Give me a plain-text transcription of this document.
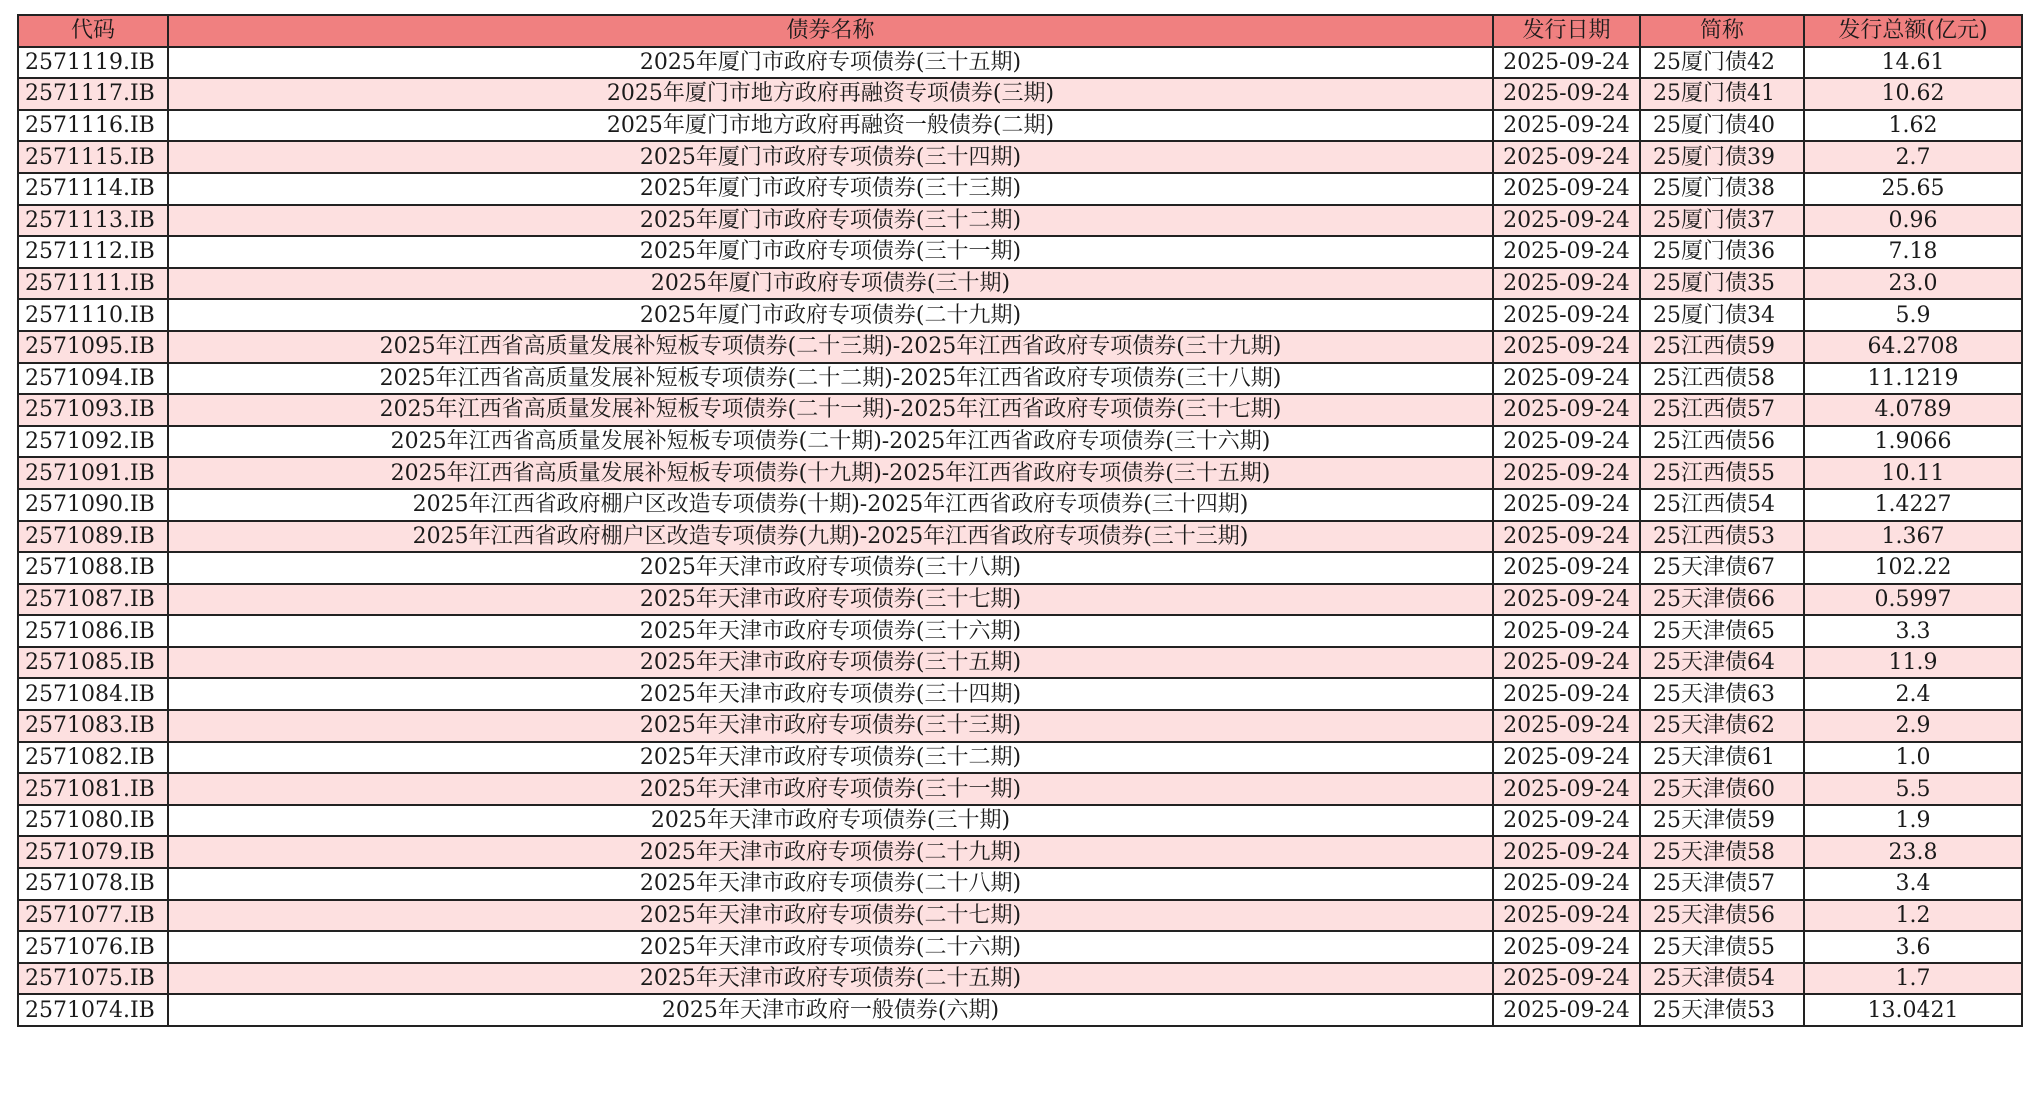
代码	债券名称	发行日期	简称	发行总额(亿元)
2571119.IB	2025年厦门市政府专项债券(三十五期)	2025-09-24	25厦门债42	14.61
2571117.IB	2025年厦门市地方政府再融资专项债券(三期)	2025-09-24	25厦门债41	10.62
2571116.IB	2025年厦门市地方政府再融资一般债券(二期)	2025-09-24	25厦门债40	1.62
2571115.IB	2025年厦门市政府专项债券(三十四期)	2025-09-24	25厦门债39	2.7
2571114.IB	2025年厦门市政府专项债券(三十三期)	2025-09-24	25厦门债38	25.65
2571113.IB	2025年厦门市政府专项债券(三十二期)	2025-09-24	25厦门债37	0.96
2571112.IB	2025年厦门市政府专项债券(三十一期)	2025-09-24	25厦门债36	7.18
2571111.IB	2025年厦门市政府专项债券(三十期)	2025-09-24	25厦门债35	23.0
2571110.IB	2025年厦门市政府专项债券(二十九期)	2025-09-24	25厦门债34	5.9
2571095.IB	2025年江西省高质量发展补短板专项债券(二十三期)-2025年江西省政府专项债券(三十九期)	2025-09-24	25江西债59	64.2708
2571094.IB	2025年江西省高质量发展补短板专项债券(二十二期)-2025年江西省政府专项债券(三十八期)	2025-09-24	25江西债58	11.1219
2571093.IB	2025年江西省高质量发展补短板专项债券(二十一期)-2025年江西省政府专项债券(三十七期)	2025-09-24	25江西债57	4.0789
2571092.IB	2025年江西省高质量发展补短板专项债券(二十期)-2025年江西省政府专项债券(三十六期)	2025-09-24	25江西债56	1.9066
2571091.IB	2025年江西省高质量发展补短板专项债券(十九期)-2025年江西省政府专项债券(三十五期)	2025-09-24	25江西债55	10.11
2571090.IB	2025年江西省政府棚户区改造专项债券(十期)-2025年江西省政府专项债券(三十四期)	2025-09-24	25江西债54	1.4227
2571089.IB	2025年江西省政府棚户区改造专项债券(九期)-2025年江西省政府专项债券(三十三期)	2025-09-24	25江西债53	1.367
2571088.IB	2025年天津市政府专项债券(三十八期)	2025-09-24	25天津债67	102.22
2571087.IB	2025年天津市政府专项债券(三十七期)	2025-09-24	25天津债66	0.5997
2571086.IB	2025年天津市政府专项债券(三十六期)	2025-09-24	25天津债65	3.3
2571085.IB	2025年天津市政府专项债券(三十五期)	2025-09-24	25天津债64	11.9
2571084.IB	2025年天津市政府专项债券(三十四期)	2025-09-24	25天津债63	2.4
2571083.IB	2025年天津市政府专项债券(三十三期)	2025-09-24	25天津债62	2.9
2571082.IB	2025年天津市政府专项债券(三十二期)	2025-09-24	25天津债61	1.0
2571081.IB	2025年天津市政府专项债券(三十一期)	2025-09-24	25天津债60	5.5
2571080.IB	2025年天津市政府专项债券(三十期)	2025-09-24	25天津债59	1.9
2571079.IB	2025年天津市政府专项债券(二十九期)	2025-09-24	25天津债58	23.8
2571078.IB	2025年天津市政府专项债券(二十八期)	2025-09-24	25天津债57	3.4
2571077.IB	2025年天津市政府专项债券(二十七期)	2025-09-24	25天津债56	1.2
2571076.IB	2025年天津市政府专项债券(二十六期)	2025-09-24	25天津债55	3.6
2571075.IB	2025年天津市政府专项债券(二十五期)	2025-09-24	25天津债54	1.7
2571074.IB	2025年天津市政府一般债券(六期)	2025-09-24	25天津债53	13.0421
